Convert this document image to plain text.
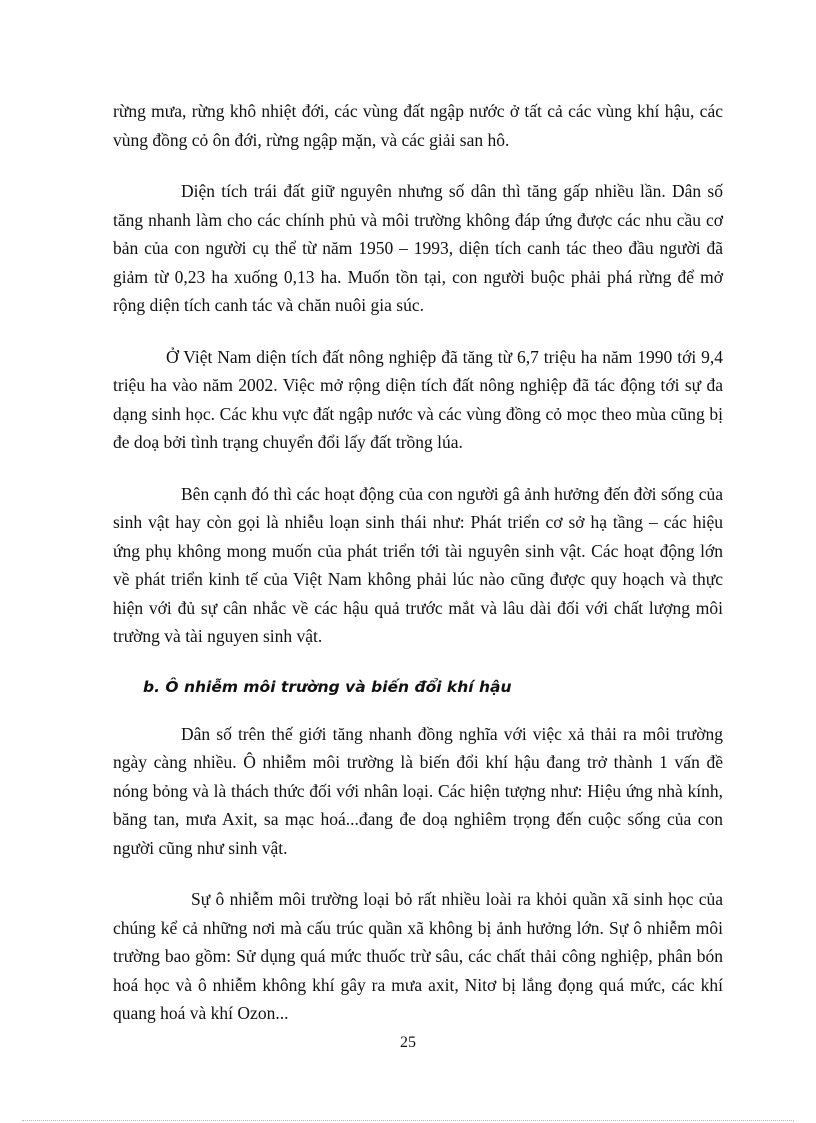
rừng mưa, rừng khô nhiệt đới, các vùng đất ngập nước ở tất cả các vùng khí hậu, các vùng đồng cỏ ôn đới, rừng ngập mặn, và các giải san hô.

Diện tích trái đất giữ nguyên nhưng số dân thì tăng gấp nhiều lần. Dân số tăng nhanh làm cho các chính phủ và môi trường không đáp ứng được các nhu cầu cơ bản của con người cụ thể từ năm 1950 – 1993, diện tích canh tác theo đầu người đã giảm từ 0,23 ha xuống 0,13 ha. Muốn tồn tại, con người buộc phải phá rừng để mở rộng diện tích canh tác và chăn nuôi gia súc.

Ở Việt Nam diện tích đất nông nghiệp đã tăng từ 6,7 triệu ha năm 1990 tới 9,4 triệu ha vào năm 2002. Việc mở rộng diện tích đất nông nghiệp đã tác động tới sự đa dạng sinh học. Các khu vực đất ngập nước và các vùng đồng cỏ mọc theo mùa cũng bị đe doạ bởi tình trạng chuyển đổi lấy đất trồng lúa.

Bên cạnh đó thì các hoạt động của con người gâ ảnh hưởng đến đời sống của sinh vật hay còn gọi là nhiễu loạn sinh thái như: Phát triển cơ sở hạ tầng – các hiệu ứng phụ không mong muốn của phát triển tới tài nguyên sinh vật. Các hoạt động lớn về phát triển kinh tế của Việt Nam không phải lúc nào cũng được quy hoạch và thực hiện với đủ sự cân nhắc về các hậu quả trước mắt và lâu dài đối với chất lượng môi trường và tài nguyen sinh vật.

b. Ô nhiễm môi trường và biến đổi khí hậu

Dân số trên thế giới tăng nhanh đồng nghĩa với việc xả thải ra môi trường ngày càng nhiều. Ô nhiễm môi trường là biến đổi khí hậu đang trở thành 1 vấn đề nóng bỏng và là thách thức đối với nhân loại. Các hiện tượng như: Hiệu ứng nhà kính, băng tan, mưa Axit, sa mạc hoá...đang đe doạ nghiêm trọng đến cuộc sống của con người cũng như sinh vật.

Sự ô nhiễm môi trường loại bỏ rất nhiều loài ra khỏi quần xã sinh học của chúng kể cả những nơi mà cấu trúc quần xã không bị ảnh hưởng lớn. Sự ô nhiễm môi trường bao gồm: Sử dụng quá mức thuốc trừ sâu, các chất thải công nghiệp, phân bón hoá học và ô nhiễm không khí gây ra mưa axit, Nitơ bị lắng đọng quá mức, các khí quang hoá và khí Ozon...

25
